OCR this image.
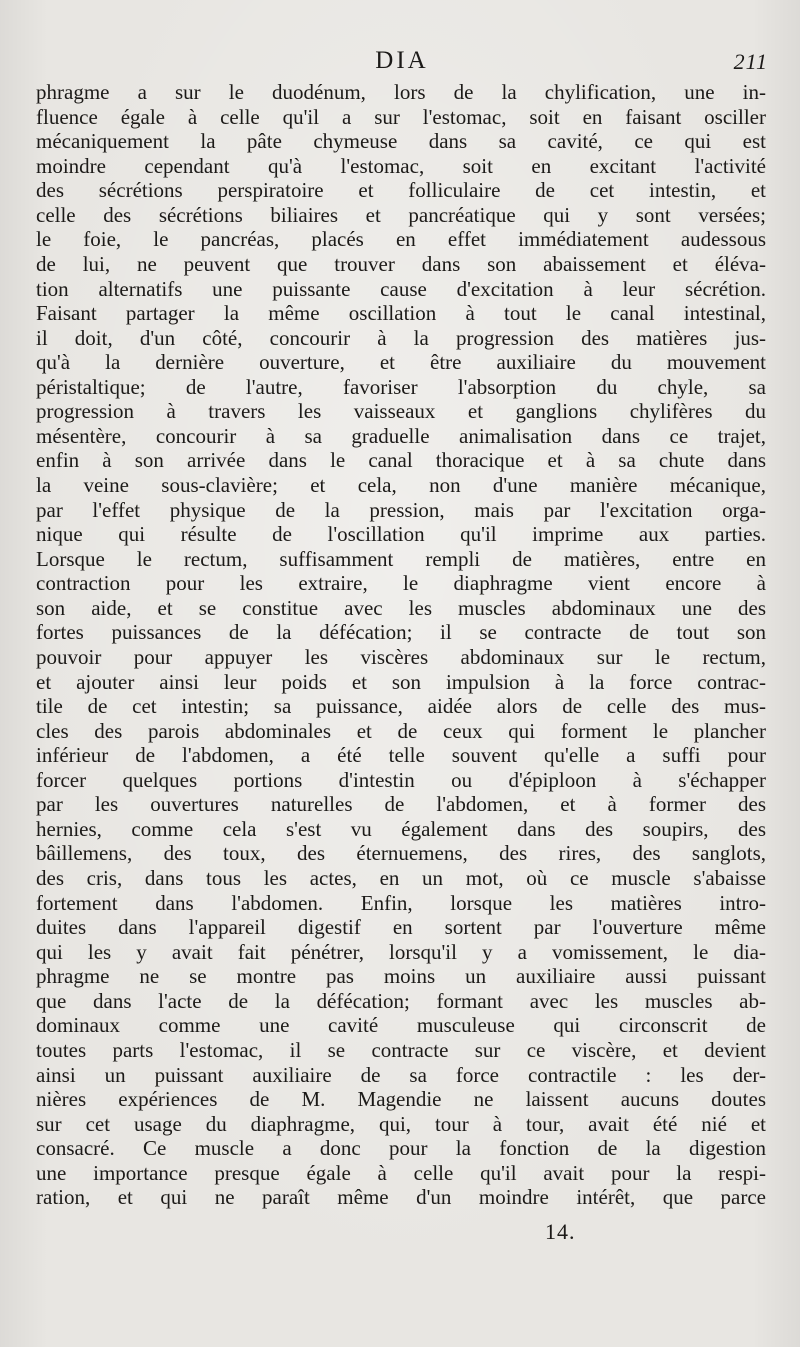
DIA	211
phragme a sur le duodénum, lors de la chylification, une in-
fluence égale à celle qu'il a sur l'estomac, soit en faisant osciller
mécaniquement la pâte chymeuse dans sa cavité, ce qui est
moindre cependant qu'à l'estomac, soit en excitant l'activité
des sécrétions perspiratoire et folliculaire de cet intestin, et
celle des sécrétions biliaires et pancréatique qui y sont versées;
le foie, le pancréas, placés en effet immédiatement audessous
de lui, ne peuvent que trouver dans son abaissement et éléva-
tion alternatifs une puissante cause d'excitation à leur sécrétion.
Faisant partager la même oscillation à tout le canal intestinal,
il doit, d'un côté, concourir à la progression des matières jus-
qu'à la dernière ouverture, et être auxiliaire du mouvement
péristaltique; de l'autre, favoriser l'absorption du chyle, sa
progression à travers les vaisseaux et ganglions chylifères du
mésentère, concourir à sa graduelle animalisation dans ce trajet,
enfin à son arrivée dans le canal thoracique et à sa chute dans
la veine sous-clavière; et cela, non d'une manière mécanique,
par l'effet physique de la pression, mais par l'excitation orga-
nique qui résulte de l'oscillation qu'il imprime aux parties.
Lorsque le rectum, suffisamment rempli de matières, entre en
contraction pour les extraire, le diaphragme vient encore à
son aide, et se constitue avec les muscles abdominaux une des
fortes puissances de la défécation; il se contracte de tout son
pouvoir pour appuyer les viscères abdominaux sur le rectum,
et ajouter ainsi leur poids et son impulsion à la force contrac-
tile de cet intestin; sa puissance, aidée alors de celle des mus-
cles des parois abdominales et de ceux qui forment le plancher
inférieur de l'abdomen, a été telle souvent qu'elle a suffi pour
forcer quelques portions d'intestin ou d'épiploon à s'échapper
par les ouvertures naturelles de l'abdomen, et à former des
hernies, comme cela s'est vu également dans des soupirs, des
bâillemens, des toux, des éternuemens, des rires, des sanglots,
des cris, dans tous les actes, en un mot, où ce muscle s'abaisse
fortement dans l'abdomen. Enfin, lorsque les matières intro-
duites dans l'appareil digestif en sortent par l'ouverture même
qui les y avait fait pénétrer, lorsqu'il y a vomissement, le dia-
phragme ne se montre pas moins un auxiliaire aussi puissant
que dans l'acte de la défécation; formant avec les muscles ab-
dominaux comme une cavité musculeuse qui circonscrit de
toutes parts l'estomac, il se contracte sur ce viscère, et devient
ainsi un puissant auxiliaire de sa force contractile : les der-
nières expériences de M. Magendie ne laissent aucuns doutes
sur cet usage du diaphragme, qui, tour à tour, avait été nié et
consacré. Ce muscle a donc pour la fonction de la digestion
une importance presque égale à celle qu'il avait pour la respi-
ration, et qui ne paraît même d'un moindre intérêt, que parce
14.
